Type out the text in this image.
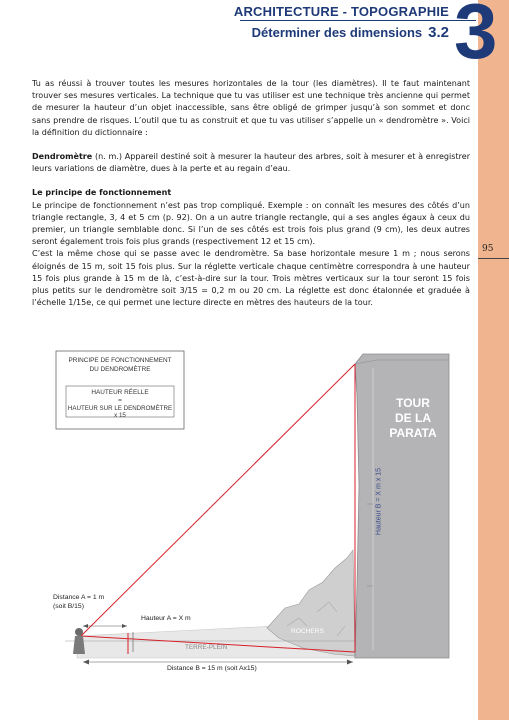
ARCHITECTURE - TOPOGRAPHIE
Déterminer des dimensions 3.2 3
95

Tu as réussi à trouver toutes les mesures horizontales de la tour (les diamètres). Il te faut maintenant trouver ses mesures verticales. La technique que tu vas utiliser est une technique très ancienne qui permet de mesurer la hauteur d’un objet inaccessible, sans être obligé de grimper jusqu’à son sommet et donc sans prendre de risques. L’outil que tu as construit et que tu vas utiliser s’appelle un « dendromètre ». Voici la définition du dictionnaire :

Dendromètre (n. m.) Appareil destiné soit à mesurer la hauteur des arbres, soit à mesurer et à enregistrer leurs variations de diamètre, dues à la perte et au regain d’eau.

Le principe de fonctionnement

Le principe de fonctionnement n’est pas trop compliqué. Exemple : on connaît les mesures des côtés d’un triangle rectangle, 3, 4 et 5 cm (p. 92). On a un autre triangle rectangle, qui a ses angles égaux à ceux du premier, un triangle semblable donc. Si l’un de ses côtés est trois fois plus grand (9 cm), les deux autres seront également trois fois plus grands (respectivement 12 et 15 cm).

C’est la même chose qui se passe avec le dendromètre. Sa base horizontale mesure 1 m ; nous serons éloignés de 15 m, soit 15 fois plus. Sur la réglette verticale chaque centimètre correspondra à une hauteur 15 fois plus grande à 15 m de là, c’est-à-dire sur la tour. Trois mètres verticaux sur la tour seront 15 fois plus petits sur le dendromètre soit 3/15 = 0,2 m ou 20 cm. La réglette est donc étalonnée et graduée à l’échelle 1/15e, ce qui permet une lecture directe en mètres des hauteurs de la tour.

PRINCIPE DE FONCTIONNEMENT
DU DENDROMÈTRE
HAUTEUR RÉELLE
=
HAUTEUR SUR LE DENDROMÈTRE x 15
TOUR
DE LA
PARATA
Hauteur B = X m x 15
Distance A = 1 m
(soit B/15)
Hauteur A = X m
ROCHERS
TERRE-PLEIN
Distance B = 15 m (soit Ax15)
